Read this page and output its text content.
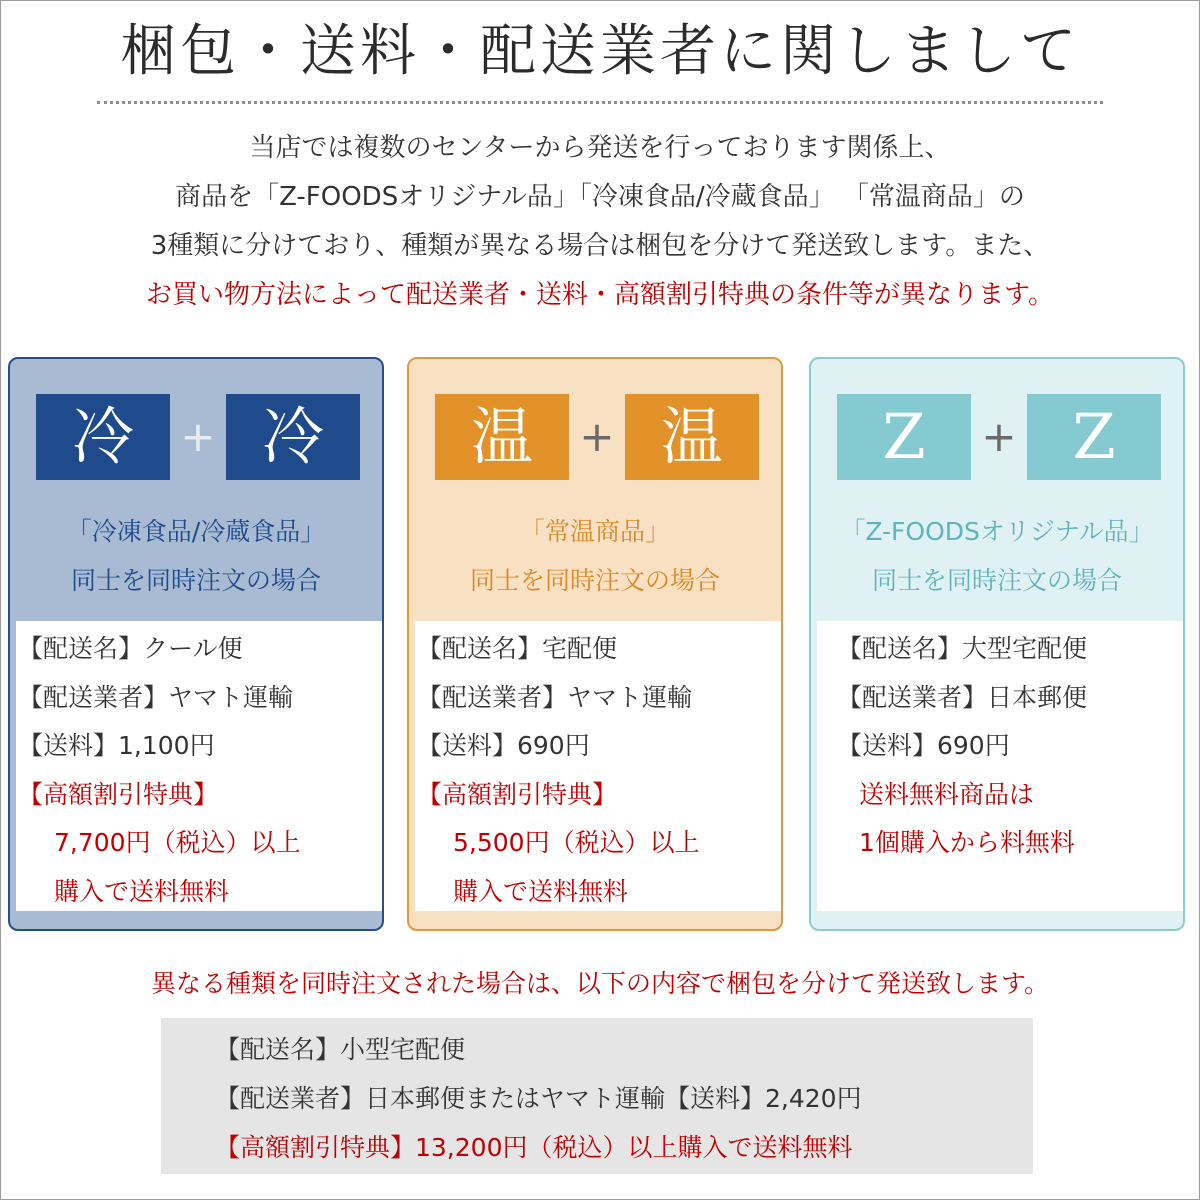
梱包・送料・配送業者に関しまして

当店では複数のセンターから発送を行っております関係上、

商品を「Z-FOODSオリジナル品」「冷凍食品/冷蔵食品」 「常温商品」の

3種類に分けており、種類が異なる場合は梱包を分けて発送致します。また、

お買い物方法によって配送業者・送料・高額割引特典の条件等が異なります。

冷	+ 冷

「冷凍食品/冷蔵食品」

同士を同時注文の場合

【配送名】クール便

【配送業者】ヤマト運輸

【送料】1,100円

【高額割引特典】

7,700円（税込）以上

購入で送料無料

温	+ 温

「常温商品」

同士を同時注文の場合

【配送名】宅配便

【配送業者】ヤマト運輸

【送料】690円

【高額割引特典】

5,500円（税込）以上

購入で送料無料

Z	+ Z

「Z-FOODSオリジナル品」

同士を同時注文の場合

【配送名】大型宅配便

【配送業者】日本郵便

【送料】690円

送料無料商品は

1個購入から料無料

異なる種類を同時注文された場合は、以下の内容で梱包を分けて発送致します。

【配送名】小型宅配便

【配送業者】日本郵便またはヤマト運輸【送料】2,420円

【高額割引特典】13,200円（税込）以上購入で送料無料
